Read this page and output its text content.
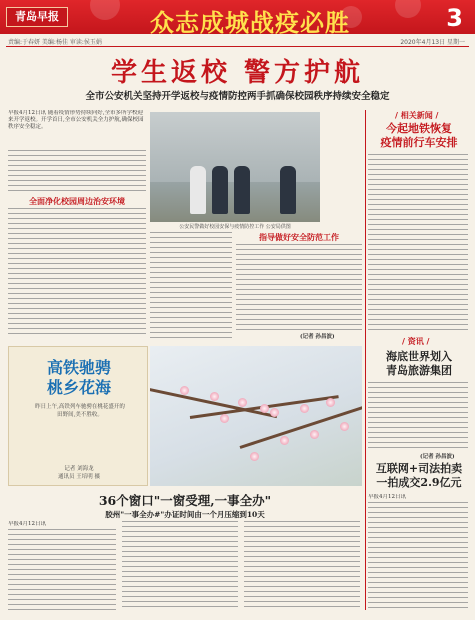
青岛早报	众志成城战疫必胜	3
责编:于春妍 美编:杨佳 审读:侯玉娟	2020年4月13日 星期一
学生返校 警方护航
全市公安机关坚持开学返校与疫情防控两手抓确保校园秩序持续安全稳定
早报4月12日讯 随着疫情形势持续向好,全市多所学校迎来开学返校。开学首日,全市公安机关全力护航,确保校园秩序安全稳定。
全面净化校园周边治安环境
公安民警做好校园安保与疫情防控工作 公安局供图
指导做好安全防范工作
(记者 孙昌波)
/ 相关新闻 /
今起地铁恢复
疫情前行车安排
/ 资讯 /
海底世界划入
青岛旅游集团
(记者 孙昌波)
互联网+司法拍卖
一拍成交2.9亿元
早报4月12日讯
高铁驰骋
桃乡花海
昨日上午,高铁列车驰骋在桃花盛开的田野间,美不胜收。
记者 刘海龙
通讯员 王培明 摄
36个窗口"一窗受理,一事全办"
胶州"一事全办#"办证时间由一个月压缩到10天
早报4月12日讯
